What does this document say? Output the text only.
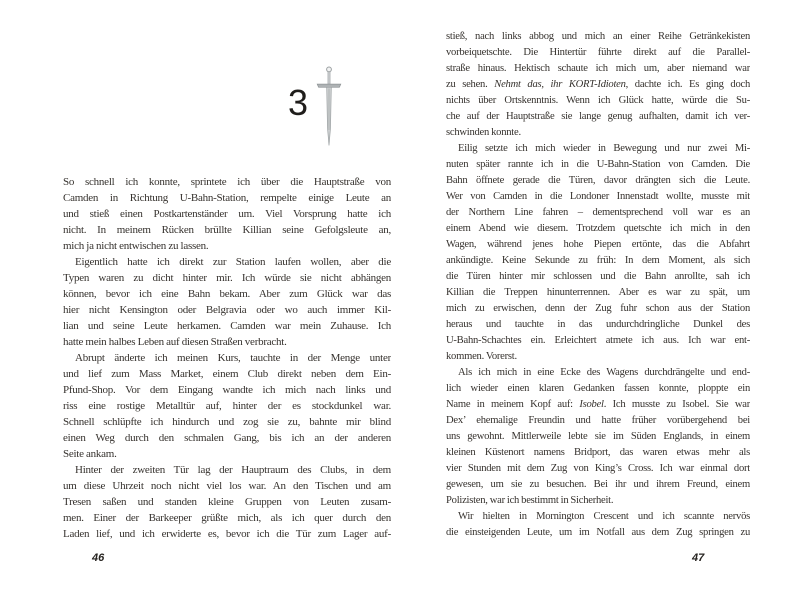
3
So schnell ich konnte, sprintete ich über die Hauptstraße von
Camden in Richtung U-Bahn-Station, rempelte einige Leute an
und stieß einen Postkartenständer um. Viel Vorsprung hatte ich
nicht. In meinem Rücken brüllte Killian seine Gefolgsleute an,
mich ja nicht entwischen zu lassen.
Eigentlich hatte ich direkt zur Station laufen wollen, aber die
Typen waren zu dicht hinter mir. Ich würde sie nicht abhängen
können, bevor ich eine Bahn bekam. Aber zum Glück war das
hier nicht Kensington oder Belgravia oder wo auch immer Kil-
lian und seine Leute herkamen. Camden war mein Zuhause. Ich
hatte mein halbes Leben auf diesen Straßen verbracht.
Abrupt änderte ich meinen Kurs, tauchte in der Menge unter
und lief zum Mass Market, einem Club direkt neben dem Ein-
Pfund-Shop. Vor dem Eingang wandte ich mich nach links und
riss eine rostige Metalltür auf, hinter der es stockdunkel war.
Schnell schlüpfte ich hindurch und zog sie zu, bahnte mir blind
einen Weg durch den schmalen Gang, bis ich an der anderen
Seite ankam.
Hinter der zweiten Tür lag der Hauptraum des Clubs, in dem
um diese Uhrzeit noch nicht viel los war. An den Tischen und am
Tresen saßen und standen kleine Gruppen von Leuten zusam-
men. Einer der Barkeeper grüßte mich, als ich quer durch den
Laden lief, und ich erwiderte es, bevor ich die Tür zum Lager auf-
46
stieß, nach links abbog und mich an einer Reihe Getränkekisten
vorbeiquetschte. Die Hintertür führte direkt auf die Parallel-
straße hinaus. Hektisch schaute ich mich um, aber niemand war
zu sehen. Nehmt das, ihr KORT-Idioten, dachte ich. Es ging doch
nichts über Ortskenntnis. Wenn ich Glück hatte, würde die Su-
che auf der Hauptstraße sie lange genug aufhalten, damit ich ver-
schwinden konnte.
Eilig setzte ich mich wieder in Bewegung und nur zwei Mi-
nuten später rannte ich in die U-Bahn-Station von Camden. Die
Bahn öffnete gerade die Türen, davor drängten sich die Leute.
Wer von Camden in die Londoner Innenstadt wollte, musste mit
der Northern Line fahren – dementsprechend voll war es an
einem Abend wie diesem. Trotzdem quetschte ich mich in den
Wagen, während jenes hohe Piepen ertönte, das die Abfahrt
ankündigte. Keine Sekunde zu früh: In dem Moment, als sich
die Türen hinter mir schlossen und die Bahn anrollte, sah ich
Killian die Treppen hinunterrennen. Aber es war zu spät, um
mich zu erwischen, denn der Zug fuhr schon aus der Station
heraus und tauchte in das undurchdringliche Dunkel des
U-Bahn-Schachtes ein. Erleichtert atmete ich aus. Ich war ent-
kommen. Vorerst.
Als ich mich in eine Ecke des Wagens durchdrängelte und end-
lich wieder einen klaren Gedanken fassen konnte, ploppte ein
Name in meinem Kopf auf: Isobel. Ich musste zu Isobel. Sie war
Dex’ ehemalige Freundin und hatte früher vorübergehend bei
uns gewohnt. Mittlerweile lebte sie im Süden Englands, in einem
kleinen Küstenort namens Bridport, das waren etwas mehr als
vier Stunden mit dem Zug von King’s Cross. Ich war einmal dort
gewesen, um sie zu besuchen. Bei ihr und ihrem Freund, einem
Polizisten, war ich bestimmt in Sicherheit.
Wir hielten in Mornington Crescent und ich scannte nervös
die einsteigenden Leute, um im Notfall aus dem Zug springen zu
47
